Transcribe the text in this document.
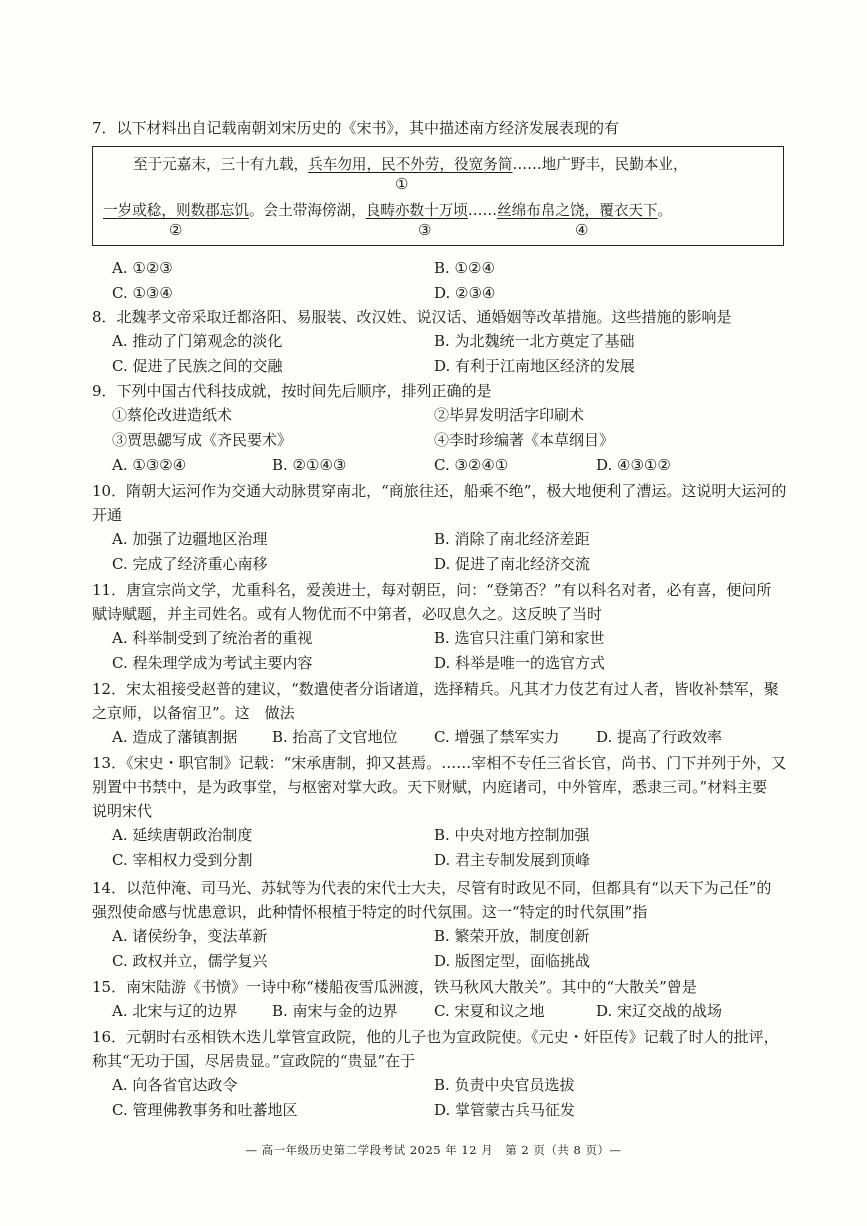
7．以下材料出自记载南朝刘宋历史的《宋书》，其中描述南方经济发展表现的有
至于元嘉末，三十有九载，兵车勿用，民不外劳，役宽务简……地广野丰，民勤本业，
①
一岁或稔，则数郡忘饥。会土带海傍湖，良畴亦数十万顷……丝绵布帛之饶，覆衣天下。
②	③	④
A. ①②③	B. ①②④
C. ①③④	D. ②③④
8．北魏孝文帝采取迁都洛阳、易服装、改汉姓、说汉话、通婚姻等改革措施。这些措施的影响是
A. 推动了门第观念的淡化	B. 为北魏统一北方奠定了基础
C. 促进了民族之间的交融	D. 有利于江南地区经济的发展
9．下列中国古代科技成就，按时间先后顺序，排列正确的是
①蔡伦改进造纸术	②毕昇发明活字印刷术
③贾思勰写成《齐民要术》	④李时珍编著《本草纲目》
A. ①③②④	B. ②①④③	C. ③②④①	D. ④③①②
10．隋朝大运河作为交通大动脉贯穿南北，“商旅往还，船乘不绝”，极大地便利了漕运。这说明大运河的
开通
A. 加强了边疆地区治理	B. 消除了南北经济差距
C. 完成了经济重心南移	D. 促进了南北经济交流
11．唐宣宗尚文学，尤重科名，爱羡进士，每对朝臣，问：“登第否？”有以科名对者，必有喜，便问所
赋诗赋题，并主司姓名。或有人物优而不中第者，必叹息久之。这反映了当时
A. 科举制受到了统治者的重视	B. 选官只注重门第和家世
C. 程朱理学成为考试主要内容	D. 科举是唯一的选官方式
12．宋太祖接受赵普的建议，“数遣使者分诣诸道，选择精兵。凡其才力伎艺有过人者，皆收补禁军，聚
之京师，以备宿卫”。这　做法
A. 造成了藩镇割据 B. 抬高了文官地位 C. 增强了禁军实力 D. 提高了行政效率
13．《宋史・职官制》记载：“宋承唐制，抑又甚焉。……宰相不专任三省长官，尚书、门下并列于外，又
别置中书禁中，是为政事堂，与枢密对掌大政。天下财赋，内庭诸司，中外管库，悉隶三司。”材料主要
说明宋代
A. 延续唐朝政治制度	B. 中央对地方控制加强
C. 宰相权力受到分割	D. 君主专制发展到顶峰
14．以范仲淹、司马光、苏轼等为代表的宋代士大夫，尽管有时政见不同，但都具有“以天下为己任”的
强烈使命感与忧患意识，此种情怀根植于特定的时代氛围。这一“特定的时代氛围”指
A. 诸侯纷争，变法革新	B. 繁荣开放，制度创新
C. 政权并立，儒学复兴	D. 版图定型，面临挑战
15．南宋陆游《书愤》一诗中称“楼船夜雪瓜洲渡，铁马秋风大散关”。其中的“大散关”曾是
A. 北宋与辽的边界 B. 南宋与金的边界 C. 宋夏和议之地	D. 宋辽交战的战场
16．元朝时右丞相铁木迭儿掌管宣政院，他的儿子也为宣政院使。《元史・奸臣传》记载了时人的批评，
称其“无功于国，尽居贵显。”宣政院的“贵显”在于
A. 向各省官达政令	B. 负责中央官员选拔
C. 管理佛教事务和吐蕃地区	D. 掌管蒙古兵马征发
— 高一年级历史第二学段考试 2025 年 12 月　第 2 页（共 8 页）—
